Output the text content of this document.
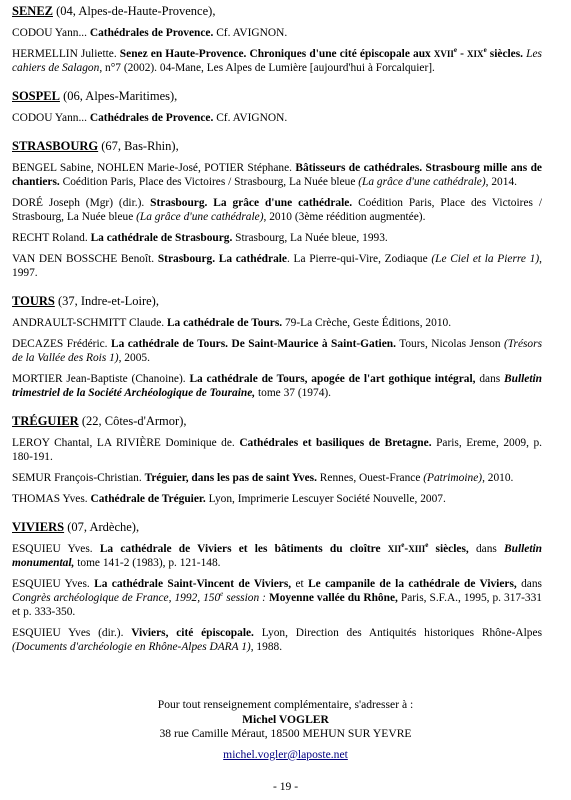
SENEZ (04, Alpes-de-Haute-Provence),
CODOU Yann... Cathédrales de Provence. Cf. AVIGNON.
HERMELLIN Juliette. Senez en Haute-Provence. Chroniques d'une cité épiscopale aux XVIIe - XIXe siècles. Les cahiers de Salagon, n°7 (2002). 04-Mane, Les Alpes de Lumière [aujourd'hui à Forcalquier].
SOSPEL (06, Alpes-Maritimes),
CODOU Yann... Cathédrales de Provence. Cf. AVIGNON.
STRASBOURG (67, Bas-Rhin),
BENGEL Sabine, NOHLEN Marie-José, POTIER Stéphane. Bâtisseurs de cathédrales. Strasbourg mille ans de chantiers. Coédition Paris, Place des Victoires / Strasbourg, La Nuée bleue (La grâce d'une cathédrale), 2014.
DORÉ Joseph (Mgr) (dir.). Strasbourg. La grâce d'une cathédrale. Coédition Paris, Place des Victoires / Strasbourg, La Nuée bleue (La grâce d'une cathédrale), 2010 (3ème réédition augmentée).
RECHT Roland. La cathédrale de Strasbourg. Strasbourg, La Nuée bleue, 1993.
VAN DEN BOSSCHE Benoît. Strasbourg. La cathédrale. La Pierre-qui-Vire, Zodiaque (Le Ciel et la Pierre 1), 1997.
TOURS (37, Indre-et-Loire),
ANDRAULT-SCHMITT Claude. La cathédrale de Tours. 79-La Crèche, Geste Éditions, 2010.
DECAZES Frédéric. La cathédrale de Tours. De Saint-Maurice à Saint-Gatien. Tours, Nicolas Jenson (Trésors de la Vallée des Rois 1), 2005.
MORTIER Jean-Baptiste (Chanoine). La cathédrale de Tours, apogée de l'art gothique intégral, dans Bulletin trimestriel de la Société Archéologique de Touraine, tome 37 (1974).
TRÉGUIER (22, Côtes-d'Armor),
LEROY Chantal, LA RIVIÈRE Dominique de. Cathédrales et basiliques de Bretagne. Paris, Ereme, 2009, p. 180-191.
SEMUR François-Christian. Tréguier, dans les pas de saint Yves. Rennes, Ouest-France (Patrimoine), 2010.
THOMAS Yves. Cathédrale de Tréguier. Lyon, Imprimerie Lescuyer Société Nouvelle, 2007.
VIVIERS (07, Ardèche),
ESQUIEU Yves. La cathédrale de Viviers et les bâtiments du cloître XIIe-XIIIe siècles, dans Bulletin monumental, tome 141-2 (1983), p. 121-148.
ESQUIEU Yves. La cathédrale Saint-Vincent de Viviers, et Le campanile de la cathédrale de Viviers, dans Congrès archéologique de France, 1992, 150e session : Moyenne vallée du Rhône, Paris, S.F.A., 1995, p. 317-331 et p. 333-350.
ESQUIEU Yves (dir.). Viviers, cité épiscopale. Lyon, Direction des Antiquités historiques Rhône-Alpes (Documents d'archéologie en Rhône-Alpes DARA 1), 1988.
Pour tout renseignement complémentaire, s'adresser à :
Michel VOGLER
38 rue Camille Méraut, 18500 MEHUN SUR YEVRE
michel.vogler@laposte.net
- 19 -
